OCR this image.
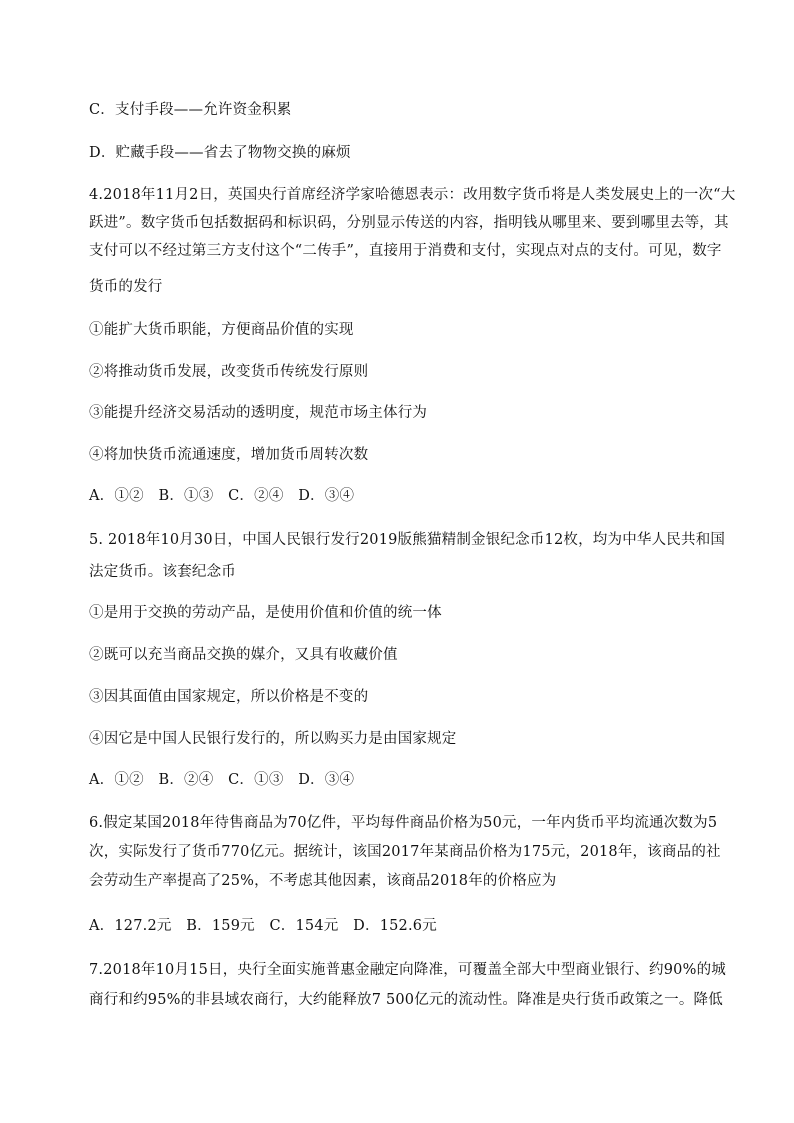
C．支付手段——允许资金积累
D．贮藏手段——省去了物物交换的麻烦
4.2018年11月2日，英国央行首席经济学家哈德恩表示：改用数字货币将是人类发展史上的一次“大
跃进”。数字货币包括数据码和标识码，分别显示传送的内容，指明钱从哪里来、要到哪里去等，其
支付可以不经过第三方支付这个“二传手”，直接用于消费和支付，实现点对点的支付。可见，数字
货币的发行
①能扩大货币职能，方便商品价值的实现
②将推动货币发展，改变货币传统发行原则
③能提升经济交易活动的透明度，规范市场主体行为
④将加快货币流通速度，增加货币周转次数
A．①②　B．①③　C．②④　D．③④
5. 2018年10月30日，中国人民银行发行2019版熊猫精制金银纪念币12枚，均为中华人民共和国
法定货币。该套纪念币
①是用于交换的劳动产品，是使用价值和价值的统一体
②既可以充当商品交换的媒介，又具有收藏价值
③因其面值由国家规定，所以价格是不变的
④因它是中国人民银行发行的，所以购买力是由国家规定
A．①②　B．②④　C．①③　D．③④
6.假定某国2018年待售商品为70亿件，平均每件商品价格为50元，一年内货币平均流通次数为5
次，实际发行了货币770亿元。据统计，该国2017年某商品价格为175元，2018年，该商品的社
会劳动生产率提高了25%，不考虑其他因素，该商品2018年的价格应为
A．127.2元　B．159元　C．154元　D．152.6元
7.2018年10月15日，央行全面实施普惠金融定向降准，可覆盖全部大中型商业银行、约90%的城
商行和约95%的非县域农商行，大约能释放7 500亿元的流动性。降准是央行货币政策之一。降低
